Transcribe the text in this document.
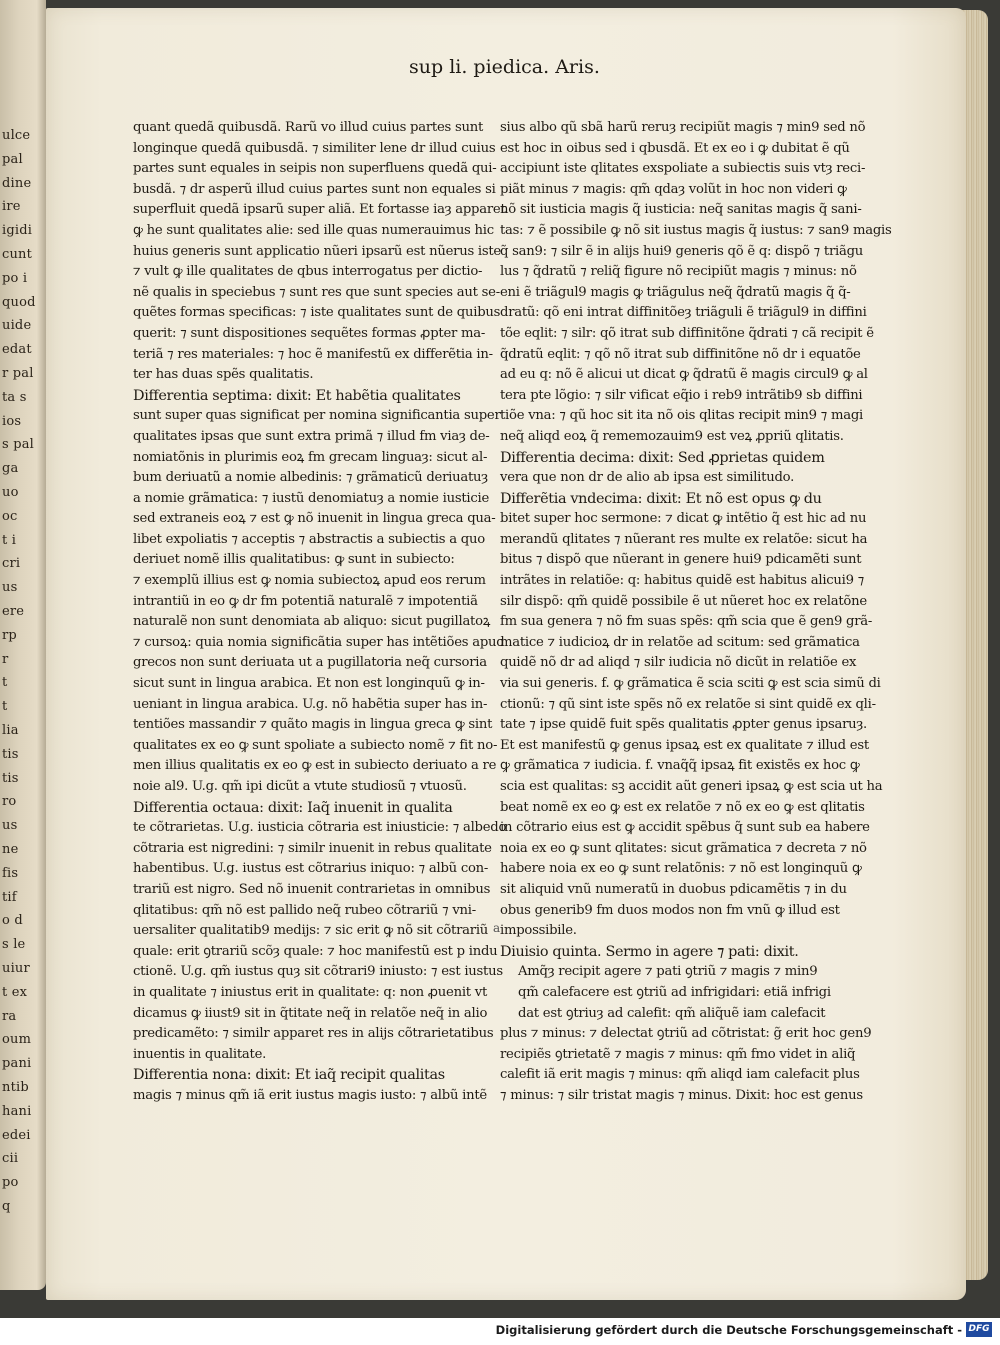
ulce
pal
dine
ire
igidi
cunt
po i
quod
uide
edat
r pal
ta s
ios
s pal
ga
uo
oc
t i
cri
us
ere
rp
r
t
t
lia
tis
tis
ro
us
ne
fis
tif
o d
s le
uiur
t ex
ra
oum
pani
ntib
hani
edei
cii
po
q
sup li. piedica. Aris.
quant quedã quibusdã. Rarũ vo illud cuius partes sunt
longinque quedã quibusdã. ⁊ similiter lene dr illud cuius
partes sunt equales in seipis non superfluens quedã qui-
busdã. ⁊ dr asperũ illud cuius partes sunt non equales si
superfluit quedã ipsarũ super aliã. Et fortasse iaȝ apparet
ꝙ he sunt qualitates alie: sed ille quas numerauimus hic
huius generis sunt applicatio nũeri ipsarũ est nũerus iste
⁊ vult ꝙ ille qualitates de qbus interrogatus per dictio-
nẽ qualis in speciebus ⁊ sunt res que sunt species aut se-
quẽtes formas specificas: ⁊ iste qualitates sunt de quibus
querit: ⁊ sunt dispositiones sequẽtes formas ꝓpter ma-
teriã ⁊ res materiales: ⁊ hoc ẽ manifestũ ex differẽtia in-
ter has duas spẽs qualitatis.
Differentia septima: dixit: Et habẽtia qualitates
sunt super quas significat per nomina significantia super
qualitates ipsas que sunt extra primã ⁊ illud fm viaȝ de-
nomiatõnis in plurimis eoꝝ fm grecam linguaȝ: sicut al-
bum deriuatũ a nomie albedinis: ⁊ grãmaticũ deriuatuȝ
a nomie grãmatica: ⁊ iustũ denomiatuȝ a nomie iusticie
sed extraneis eoꝝ ⁊ est ꝙ nõ inuenit in lingua greca qua-
libet expoliatis ⁊ acceptis ⁊ abstractis a subiectis a quo
deriuet nomẽ illis qualitatibus: ꝙ sunt in subiecto:
⁊ exemplũ illius est ꝙ nomia subiectoꝝ apud eos rerum
intrantiũ in eo ꝙ dr fm potentiã naturalẽ ⁊ impotentiã
naturalẽ non sunt denomiata ab aliquo: sicut pugillatoꝝ
⁊ cursoꝝ: quia nomia significãtia super has intẽtiões apud
grecos non sunt deriuata ut a pugillatoria neq̃ cursoria
sicut sunt in lingua arabica. Et non est longinquũ ꝙ in-
ueniant in lingua arabica. U.g. nõ habẽtia super has in-
tentiões massandir ⁊ quãto magis in lingua greca ꝙ sint
qualitates ex eo ꝙ sunt spoliate a subiecto nomẽ ⁊ fit no-
men illius qualitatis ex eo ꝙ est in subiecto deriuato a re
noie al9. U.g. qm̃ ipi dicũt a vtute studiosũ ⁊ vtuosũ.
Differentia octaua: dixit: Iaq̃ inuenit in qualita
te cõtrarietas. U.g. iusticia cõtraria est iniusticie: ⁊ albedo
cõtraria est nigredini: ⁊ similr inuenit in rebus qualitate
habentibus. U.g. iustus est cõtrarius iniquo: ⁊ albũ con-
trariũ est nigro. Sed nõ inuenit contrarietas in omnibus
qlitatibus: qm̃ nõ est pallido neq̃ rubeo cõtrariũ ⁊ vni-
uersaliter qualitatib9 medijs: ⁊ sic erit ꝙ nõ sit cõtrariũ
quale: erit ꝯtrariũ scõȝ quale: ⁊ hoc manifestũ est p indu
ctionẽ. U.g. qm̃ iustus quȝ sit cõtrari9 iniusto: ⁊ est iustus
in qualitate ⁊ iniustus erit in qualitate: q: non ꝓuenit vt
dicamus ꝙ iiust9 sit in q̃titate neq̃ in relatõe neq̃ in alio
predicamẽto: ⁊ similr apparet res in alijs cõtrarietatibus
inuentis in qualitate.
Differentia nona: dixit: Et iaq̃ recipit qualitas
magis ⁊ minus qm̃ iã erit iustus magis iusto: ⁊ albũ intẽ
sius albo qũ sbã harũ reruȝ recipiũt magis ⁊ min9 sed nõ
est hoc in oibus sed i qbusdã. Et ex eo i ꝙ dubitat ẽ qũ
accipiunt iste qlitates exspoliate a subiectis suis vtȝ reci-
piãt minus ⁊ magis: qm̃ qdaȝ volũt in hoc non videri ꝙ
nõ sit iusticia magis q̃ iusticia: neq̃ sanitas magis q̃ sani-
tas: ⁊ ẽ possibile ꝙ nõ sit iustus magis q̃ iustus: ⁊ san9 magis
q̃ san9: ⁊ silr ẽ in alijs hui9 generis qõ ẽ q: dispõ ⁊ triãgu
lus ⁊ q̃dratũ ⁊ reliq̃ figure nõ recipiũt magis ⁊ minus: nõ
eni ẽ triãgul9 magis ꝙ triãgulus neq̃ q̃dratũ magis q̃ q̃-
dratũ: qõ eni intrat diffinitõeȝ triãguli ẽ triãgul9 in diffini
tõe eqlit: ⁊ silr: qõ itrat sub diffinitõne q̃drati ⁊ cã recipit ẽ
q̃dratũ eqlit: ⁊ qõ nõ itrat sub diffinitõne nõ dr i equatõe
ad eu q: nõ ẽ alicui ut dicat ꝙ q̃dratũ ẽ magis circul9 ꝙ al
tera pte lõgio: ⁊ silr vificat eq̃io i reb9 intrãtib9 sb diffini
tiõe vna: ⁊ qũ hoc sit ita nõ ois qlitas recipit min9 ⁊ magi
neq̃ aliqd eoꝝ q̃ rememozauim9 est veꝝ ꝓpriũ qlitatis.
Differentia decima: dixit: Sed ꝓprietas quidem
vera que non dr de alio ab ipsa est similitudo.
Differẽtia vndecima: dixit: Et nõ est opus ꝙ du
bitet super hoc sermone: ⁊ dicat ꝙ intẽtio q̃ est hic ad nu
merandũ qlitates ⁊ nũerant res multe ex relatõe: sicut ha
bitus ⁊ dispõ que nũerant in genere hui9 pdicamẽti sunt
intrãtes in relatiõe: q: habitus quidẽ est habitus alicui9 ⁊
silr dispõ: qm̃ quidẽ possibile ẽ ut nũeret hoc ex relatõne
fm sua genera ⁊ nõ fm suas spẽs: qm̃ scia que ẽ gen9 grã-
matice ⁊ iudicioꝝ dr in relatõe ad scitum: sed grãmatica
quidẽ nõ dr ad aliqd ⁊ silr iudicia nõ dicũt in relatiõe ex
via sui generis. f. ꝙ grãmatica ẽ scia sciti ꝙ est scia simũ di
ctionũ: ⁊ qũ sint iste spẽs nõ ex relatõe si sint quidẽ ex qli-
tate ⁊ ipse quidẽ fuit spẽs qualitatis ꝓpter genus ipsaruȝ.
Et est manifestũ ꝙ genus ipsaꝝ est ex qualitate ⁊ illud est
ꝙ grãmatica ⁊ iudicia. f. vnaq̃q̃ ipsaꝝ fit existẽs ex hoc ꝙ
scia est qualitas: sꝫ accidit aũt generi ipsaꝝ ꝙ est scia ut ha
beat nomẽ ex eo ꝙ est ex relatõe ⁊ nõ ex eo ꝙ est qlitatis
in cõtrario eius est ꝙ accidit spẽbus q̃ sunt sub ea habere
noia ex eo ꝙ sunt qlitates: sicut grãmatica ⁊ decreta ⁊ nõ
habere noia ex eo ꝙ sunt relatõnis: ⁊ nõ est longinquũ ꝙ
sit aliquid vnũ numeratũ in duobus pdicamẽtis ⁊ in du
obus generib9 fm duos modos non fm vnũ ꝙ illud est
impossibile.
Diuisio quinta. Sermo in agere ⁊ pati: dixit.
Amq̃ȝ recipit agere ⁊ pati ꝯtriũ ⁊ magis ⁊ min9
qm̃ calefacere est ꝯtriũ ad infrigidari: etiã infrigi
dat est ꝯtriuȝ ad calefit: qm̃ aliq̃uẽ iam calefacit
plus ⁊ minus: ⁊ delectat ꝯtriũ ad cõtristat: g̃ erit hoc gen9
recipiẽs ꝯtrietatẽ ⁊ magis ⁊ minus: qm̃ fmo videt in aliq̃
calefit iã erit magis ⁊ minus: qm̃ aliqd iam calefacit plus
⁊ minus: ⁊ silr tristat magis ⁊ minus. Dixit: hoc est genus
a
Digitalisierung gefördert durch die Deutsche Forschungsgemeinschaft - DFG
